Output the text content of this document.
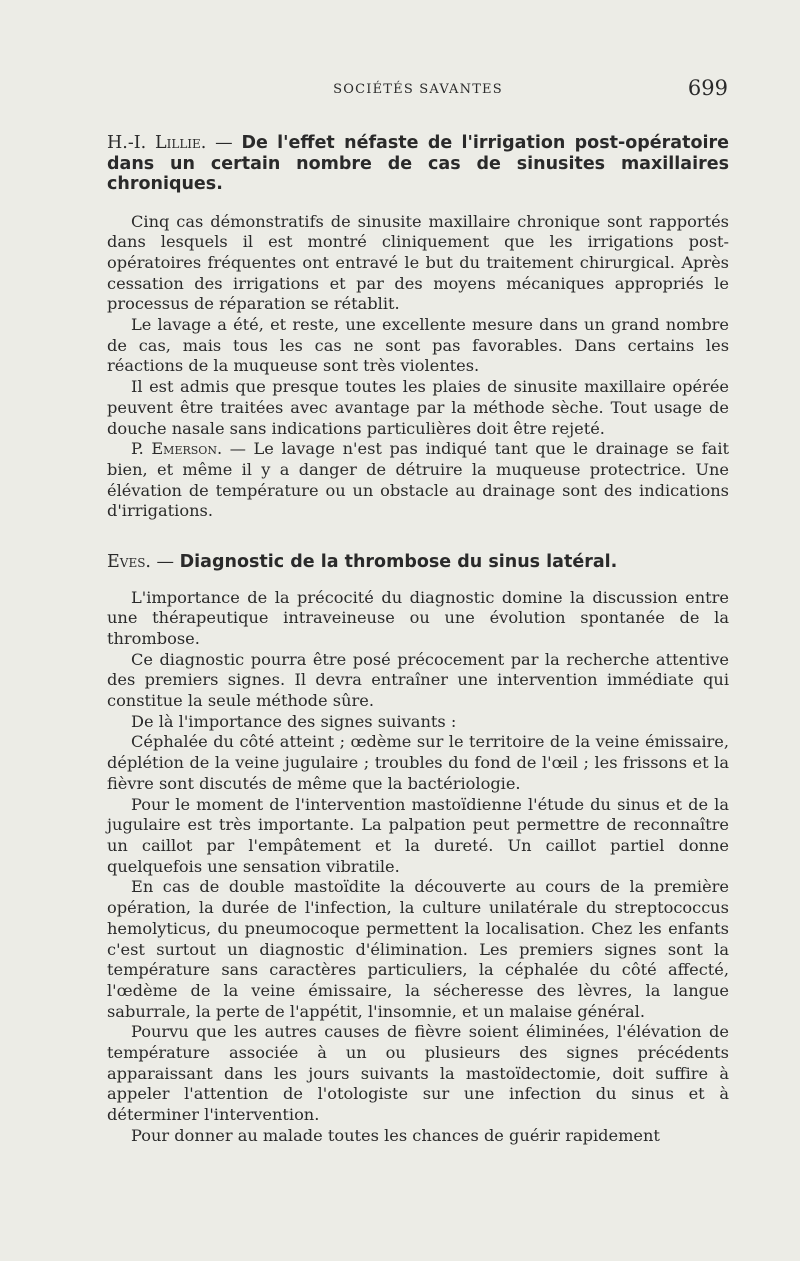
SOCIÉTÉS SAVANTES	699

H.-I. Lillie. — De l'effet néfaste de l'irrigation post-opératoire dans un certain nombre de cas de sinusites maxillaires chroniques.

Cinq cas démonstratifs de sinusite maxillaire chronique sont rapportés dans lesquels il est montré cliniquement que les irrigations post-opératoires fréquentes ont entravé le but du traitement chirurgical. Après cessation des irrigations et par des moyens mécaniques appropriés le processus de réparation se rétablit.

Le lavage a été, et reste, une excellente mesure dans un grand nombre de cas, mais tous les cas ne sont pas favorables. Dans certains les réactions de la muqueuse sont très violentes.

Il est admis que presque toutes les plaies de sinusite maxillaire opérée peuvent être traitées avec avantage par la méthode sèche. Tout usage de douche nasale sans indications particulières doit être rejeté.

P. Emerson. — Le lavage n'est pas indiqué tant que le drainage se fait bien, et même il y a danger de détruire la muqueuse protectrice. Une élévation de température ou un obstacle au drainage sont des indications d'irrigations.

Eves. — Diagnostic de la thrombose du sinus latéral.

L'importance de la précocité du diagnostic domine la discussion entre une thérapeutique intraveineuse ou une évolution spontanée de la thrombose.

Ce diagnostic pourra être posé précocement par la recherche attentive des premiers signes. Il devra entraîner une intervention immédiate qui constitue la seule méthode sûre.

De là l'importance des signes suivants :

Céphalée du côté atteint ; œdème sur le territoire de la veine émissaire, déplétion de la veine jugulaire ; troubles du fond de l'œil ; les frissons et la fièvre sont discutés de même que la bactériologie.

Pour le moment de l'intervention mastoïdienne l'étude du sinus et de la jugulaire est très importante. La palpation peut permettre de reconnaître un caillot par l'empâtement et la dureté. Un caillot partiel donne quelquefois une sensation vibratile.

En cas de double mastoïdite la découverte au cours de la première opération, la durée de l'infection, la culture unilatérale du streptococcus hemolyticus, du pneumocoque permettent la localisation. Chez les enfants c'est surtout un diagnostic d'élimination. Les premiers signes sont la température sans caractères particuliers, la céphalée du côté affecté, l'œdème de la veine émissaire, la sécheresse des lèvres, la langue saburrale, la perte de l'appétit, l'insomnie, et un malaise général.

Pourvu que les autres causes de fièvre soient éliminées, l'élévation de température associée à un ou plusieurs des signes précédents apparaissant dans les jours suivants la mastoïdectomie, doit suffire à appeler l'attention de l'otologiste sur une infection du sinus et à déterminer l'intervention.

Pour donner au malade toutes les chances de guérir rapidement
